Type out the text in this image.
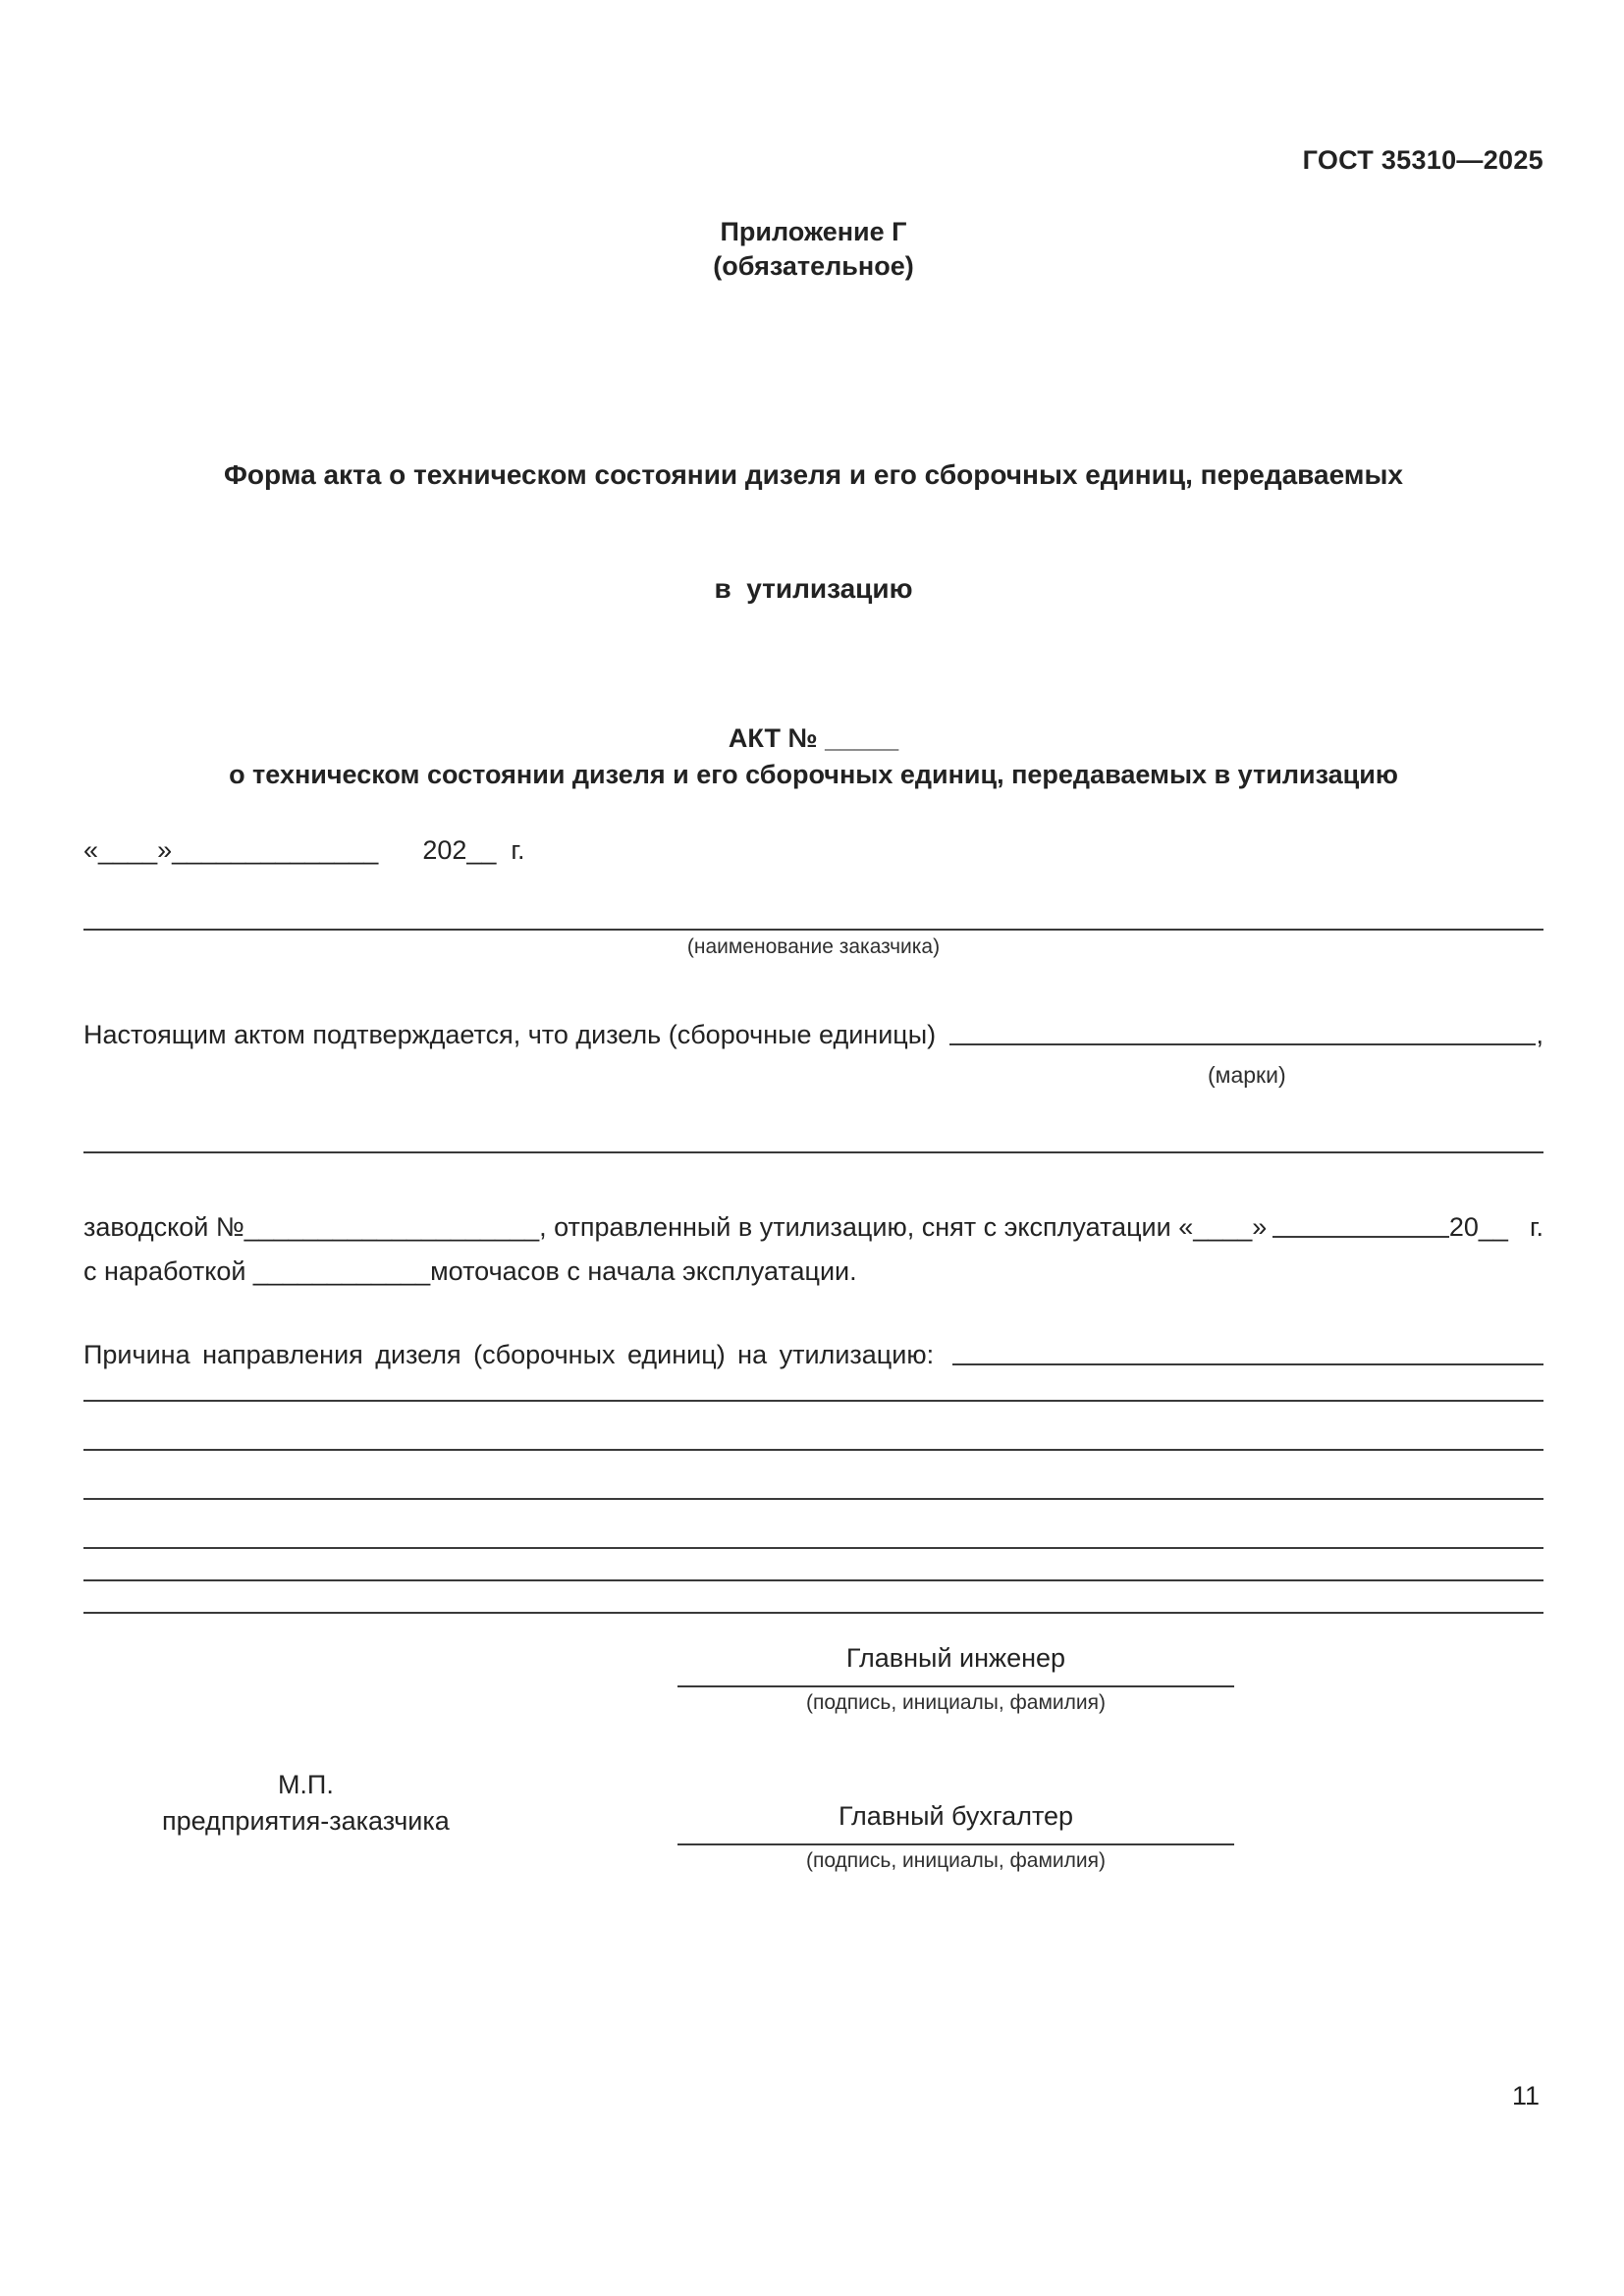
ГОСТ 35310—2025
Приложение Г
(обязательное)

Форма акта о техническом состоянии дизеля и его сборочных единиц, передаваемых

в  утилизацию

АКТ № _____
о техническом состоянии дизеля и его сборочных единиц, передаваемых в утилизацию
«____»______________      202__  г.
(наименование заказчика)
Настоящим актом подтверждается, что дизель (сборочные единицы)	,
(марки)
заводской № ____________________ , отправленный в утилизацию, снят с эксплуатации «____»	20__ г.
с наработкой ____________моточасов с начала эксплуатации.
Причина направления дизеля (сборочных единиц) на утилизацию:
Главный инженер
(подпись, инициалы, фамилия)
М.П.
предприятия-заказчика	Главный бухгалтер
(подпись, инициалы, фамилия)
11
